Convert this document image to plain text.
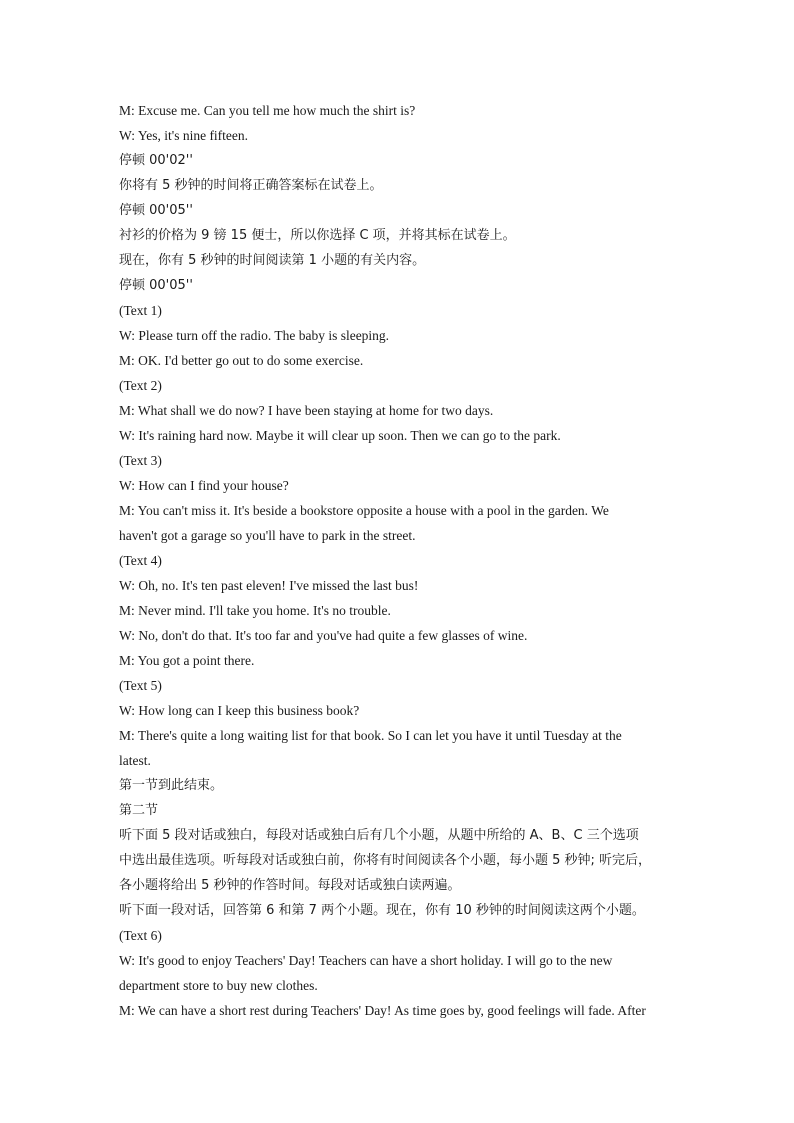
M: Excuse me. Can you tell me how much the shirt is?
W: Yes, it's nine fifteen.
停顿 00'02''
你将有 5 秒钟的时间将正确答案标在试卷上。
停顿 00'05''
衬衫的价格为 9 镑 15 便士，所以你选择 C 项，并将其标在试卷上。
现在，你有 5 秒钟的时间阅读第 1 小题的有关内容。
停顿 00'05''
(Text 1)
W: Please turn off the radio. The baby is sleeping.
M: OK. I'd better go out to do some exercise.
(Text 2)
M: What shall we do now? I have been staying at home for two days.
W: It's raining hard now. Maybe it will clear up soon. Then we can go to the park.
(Text 3)
W: How can I find your house?
M: You can't miss it. It's beside a bookstore opposite a house with a pool in the garden. We
haven't got a garage so you'll have to park in the street.
(Text 4)
W: Oh, no. It's ten past eleven! I've missed the last bus!
M: Never mind. I'll take you home. It's no trouble.
W: No, don't do that. It's too far and you've had quite a few glasses of wine.
M: You got a point there.
(Text 5)
W: How long can I keep this business book?
M: There's quite a long waiting list for that book. So I can let you have it until Tuesday at the
latest.
第一节到此结束。
第二节
听下面 5 段对话或独白，每段对话或独白后有几个小题，从题中所给的 A、B、C 三个选项
中选出最佳选项。听每段对话或独白前，你将有时间阅读各个小题，每小题 5 秒钟; 听完后，
各小题将给出 5 秒钟的作答时间。每段对话或独白读两遍。
听下面一段对话，回答第 6 和第 7 两个小题。现在，你有 10 秒钟的时间阅读这两个小题。
(Text 6)
W: It's good to enjoy Teachers' Day! Teachers can have a short holiday. I will go to the new
department store to buy new clothes.
M: We can have a short rest during Teachers' Day! As time goes by, good feelings will fade. After
